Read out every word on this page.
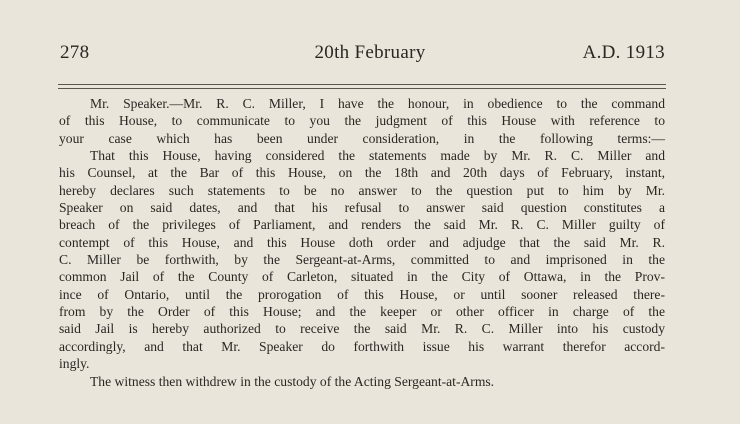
278	20th February	A.D. 1913
Mr. Speaker.—Mr. R. C. Miller, I have the honour, in obedience to the command
of this House, to communicate to you the judgment of this House with reference to
your case which has been under consideration, in the following terms:—
That this House, having considered the statements made by Mr. R. C. Miller and
his Counsel, at the Bar of this House, on the 18th and 20th days of February, instant,
hereby declares such statements to be no answer to the question put to him by Mr.
Speaker on said dates, and that his refusal to answer said question constitutes a
breach of the privileges of Parliament, and renders the said Mr. R. C. Miller guilty of
contempt of this House, and this House doth order and adjudge that the said Mr. R.
C. Miller be forthwith, by the Sergeant-at-Arms, committed to and imprisoned in the
common Jail of the County of Carleton, situated in the City of Ottawa, in the Prov-
ince of Ontario, until the prorogation of this House, or until sooner released there-
from by the Order of this House; and the keeper or other officer in charge of the
said Jail is hereby authorized to receive the said Mr. R. C. Miller into his custody
accordingly, and that Mr. Speaker do forthwith issue his warrant therefor accord-
ingly.
The witness then withdrew in the custody of the Acting Sergeant-at-Arms.
